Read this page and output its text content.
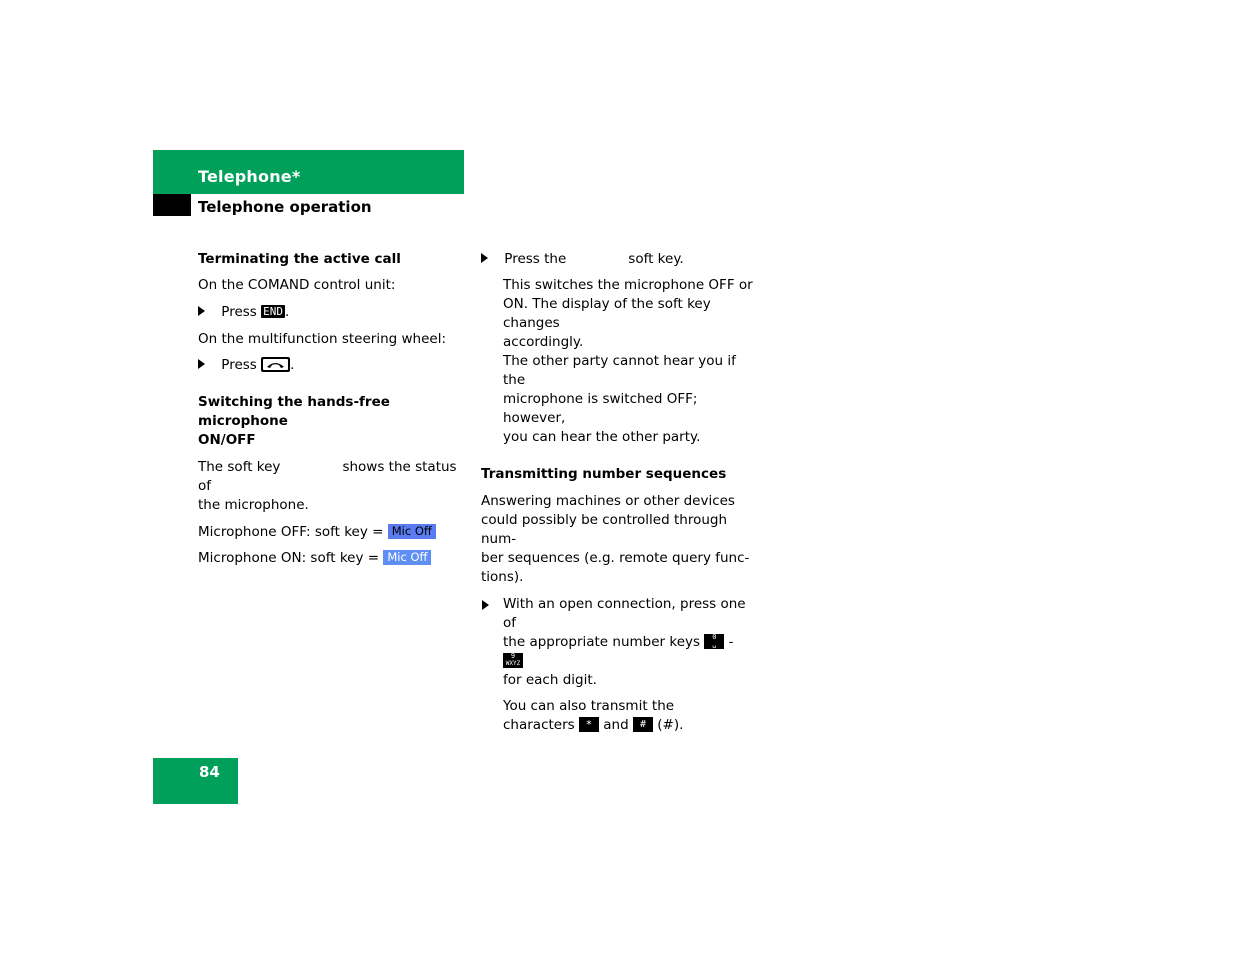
Telephone*
Telephone operation
Terminating the active call
On the COMAND control unit:
Press END .
On the multifunction steering wheel:
Press .
Switching the hands-free microphone
ON/OFF
The soft key	shows the status of
the microphone.
Microphone OFF: soft key = Mic Off
Microphone ON: soft key = Mic Off
Press the	soft key.
This switches the microphone OFF or
ON. The display of the soft key changes
accordingly.
The other party cannot hear you if the
microphone is switched OFF; however,
you can hear the other party.
Transmitting number sequences
Answering machines or other devices
could possibly be controlled through num-
ber sequences (e.g. remote query func-
tions).
With an open connection, press one of
the appropriate number keys	0
␣ -
9
WXYZ
for each digit.
You can also transmit the
characters * and # (#).
84
